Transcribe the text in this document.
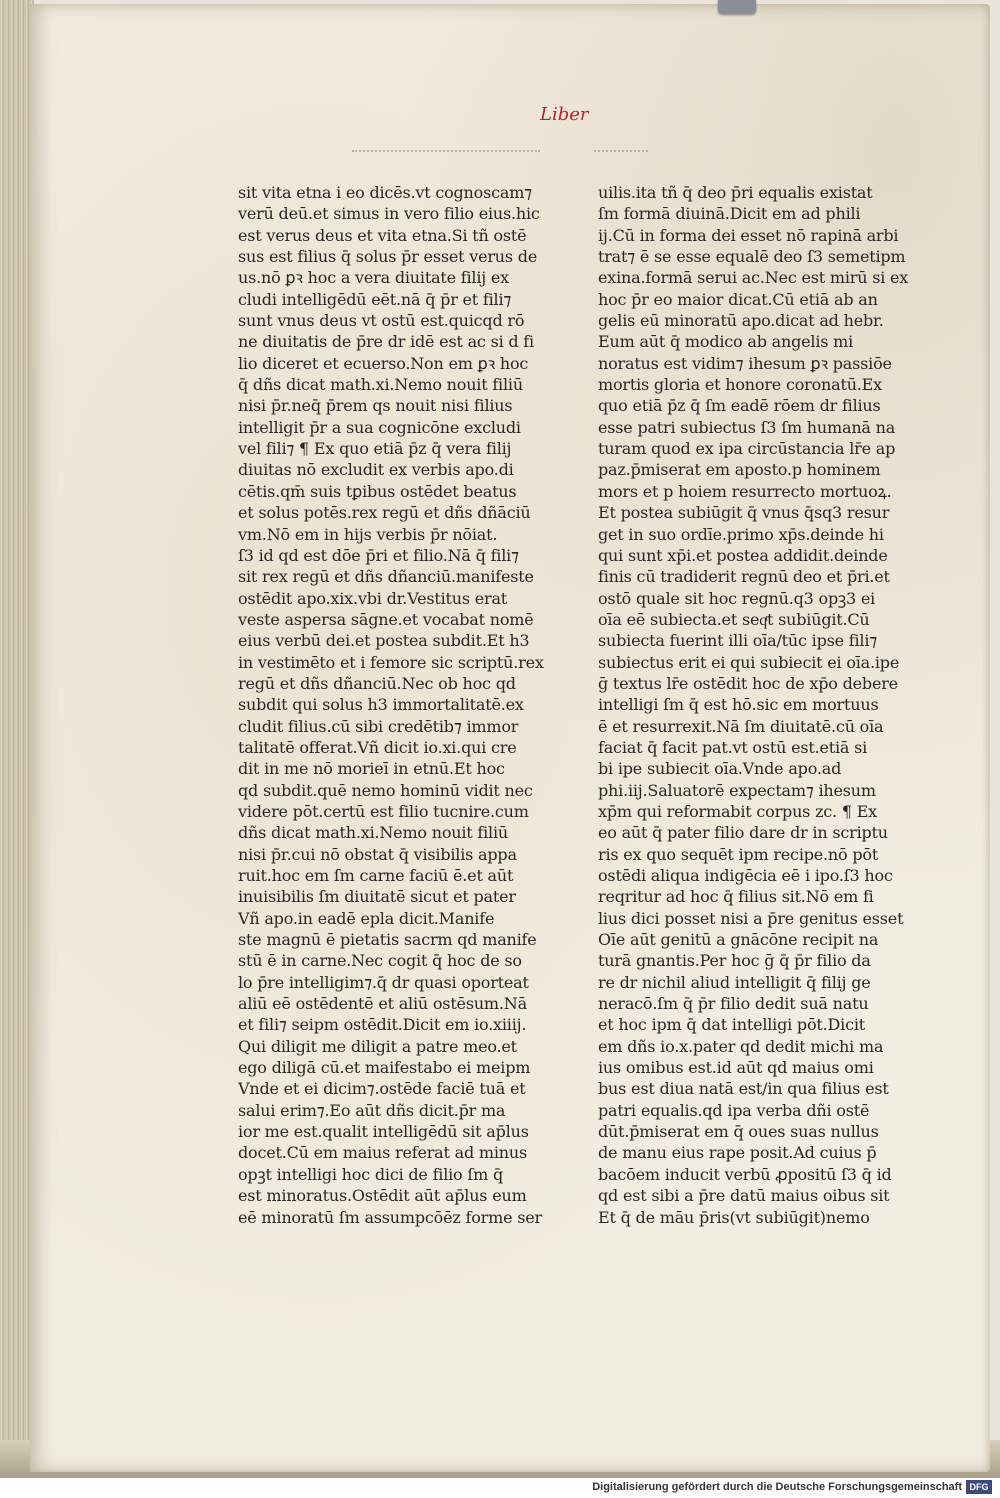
Liber
sit vita etna i eo dicēs.vt cognoscam⁊
verū deū.et simus in vero filio eius.hic
est verus deus et vita etna.Si tñ ostē
sus est filius q̄ solus p̄r esset verus de
us.nō ꝑꝛ hoc a vera diuitate filij ex
cludi intelligēdū eēt.nā q̄ p̄r et fili⁊
sunt vnus deus vt ostū est.quicqd rō
ne diuitatis de p̄re dr idē est ac si d fi
lio diceret et ecuerso.Non em ꝑꝛ hoc
q̄ dñs dicat math.xi.Nemo nouit filiū
nisi p̄r.neq̄ p̄rem qs nouit nisi filius
intelligit p̄r a sua cognicōne excludi
vel fili⁊ ¶ Ex quo etiā p̄z q̄ vera filij
diuitas nō excludit ex verbis apo.di
cētis.qm̄ suis tꝑibus ostēdet beatus
et solus potēs.rex regū et dñs dñāciū
vm.Nō em in hijs verbis p̄r nōiat.
ſ3 id qd est dōe p̄ri et filio.Nā q̄ fili⁊
sit rex regū et dñs dñanciū.manifeste
ostēdit apo.xix.vbi dr.Vestitus erat
veste aspersa sāgne.et vocabat nomē
eius verbū dei.et postea subdit.Et h3
in vestimēto et i femore sic scriptū.rex
regū et dñs dñanciū.Nec ob hoc qd
subdit qui solus h3 immortalitatē.ex
cludit filius.cū sibi credētib⁊ immor
talitatē offerat.Vñ dicit io.xi.qui cre
dit in me nō morieī in etnū.Et hoc
qd subdit.quē nemo hominū vidit nec
videre pōt.certū est filio tucnire.cum
dñs dicat math.xi.Nemo nouit filiū
nisi p̄r.cui nō obstat q̄ visibilis appa
ruit.hoc em ſm carne faciū ē.et aūt
inuisibilis ſm diuitatē sicut et pater
Vñ apo.in eadē epla dicit.Manife
ste magnū ē pietatis sacrm qd manife
stū ē in carne.Nec cogit q̄ hoc de so
lo p̄re intelligim⁊.q̄ dr quasi oporteat
aliū eē ostēdentē et aliū ostēsum.Nā
et fili⁊ seipm ostēdit.Dicit em io.xiiij.
Qui diligit me diligit a patre meo.et
ego diligā cū.et maifestabo ei meipm
Vnde et ei dicim⁊.ostēde faciē tuā et
salui erim⁊.Eo aūt dñs dicit.p̄r ma
ior me est.qualit intelligēdū sit ap̄lus
docet.Cū em maius referat ad minus
opꝫt intelligi hoc dici de filio ſm q̄
est minoratus.Ostēdit aūt ap̄lus eum
eē minoratū ſm assumpcōēz forme ser
uilis.ita tñ q̄ deo p̄ri equalis existat
ſm formā diuinā.Dicit em ad phili
ij.Cū in forma dei esset nō rapinā arbi
trat⁊ ē se esse equalē deo ſ3 semetipm
exina.formā serui ac.Nec est mirū si ex
hoc p̄r eo maior dicat.Cū etiā ab an
gelis eū minoratū apo.dicat ad hebr.
Eum aūt q̄ modico ab angelis mi
noratus est vidim⁊ ihesum ꝑꝛ passiōe
mortis gloria et honore coronatū.Ex
quo etiā p̄z q̄ ſm eadē rōem dr filius
esse patri subiectus ſ3 ſm humanā na
turam quod ex ipa circūstancia lr̄e ap
paz.p̄miserat em aposto.p hominem
mors et p hoiem resurrecto mortuoꝝ.
Et postea subiūgit q̄ vnus q̄sq3 resur
get in suo ordīe.primo xp̄s.deinde hi
qui sunt xp̄i.et postea addidit.deinde
finis cū tradiderit regnū deo et p̄ri.et
ostō quale sit hoc regnū.q3 opꝫ3 ei
oīa eē subiecta.et seqͬt subiūgit.Cū
subiecta fuerint illi oīa/tūc ipse fili⁊
subiectus erit ei qui subiecit ei oīa.ipe
ḡ textus lr̄e ostēdit hoc de xp̄o debere
intelligi ſm q̄ est hō.sic em mortuus
ē et resurrexit.Nā ſm diuitatē.cū oīa
faciat q̄ facit pat.vt ostū est.etiā si
bi ipe subiecit oīa.Vnde apo.ad
phi.iij.Saluatorē expectam⁊ ihesum
xp̄m qui reformabit corpus zc. ¶ Ex
eo aūt q̄ pater filio dare dr in scriptu
ris ex quo sequēt ipm recipe.nō pōt
ostēdi aliqua indigēcia eē i ipo.ſ3 hoc
reqritur ad hoc q̄ filius sit.Nō em fi
lius dici posset nisi a p̄re genitus esset
Oīe aūt genitū a gnācōne recipit na
turā gnantis.Per hoc ḡ q̄ p̄r filio da
re dr nichil aliud intelligit q̄ filij ge
neracō.ſm q̄ p̄r filio dedit suā natu
et hoc ipm q̄ dat intelligi pōt.Dicit
em dñs io.x.pater qd dedit michi ma
ius omibus est.id aūt qd maius omi
bus est diua natā est/in qua filius est
patri equalis.qd ipa verba dñi ostē
dūt.p̄miserat em q̄ oues suas nullus
de manu eius rape posit.Ad cuius p̄
bacōem inducit verbū ꝓpositū ſ3 q̄ id
qd est sibi a p̄re datū maius oibus sit
Et q̄ de māu p̄ris(vt subiūgit)nemo
Digitalisierung gefördert durch die Deutsche Forschungsgemeinschaft DFG
